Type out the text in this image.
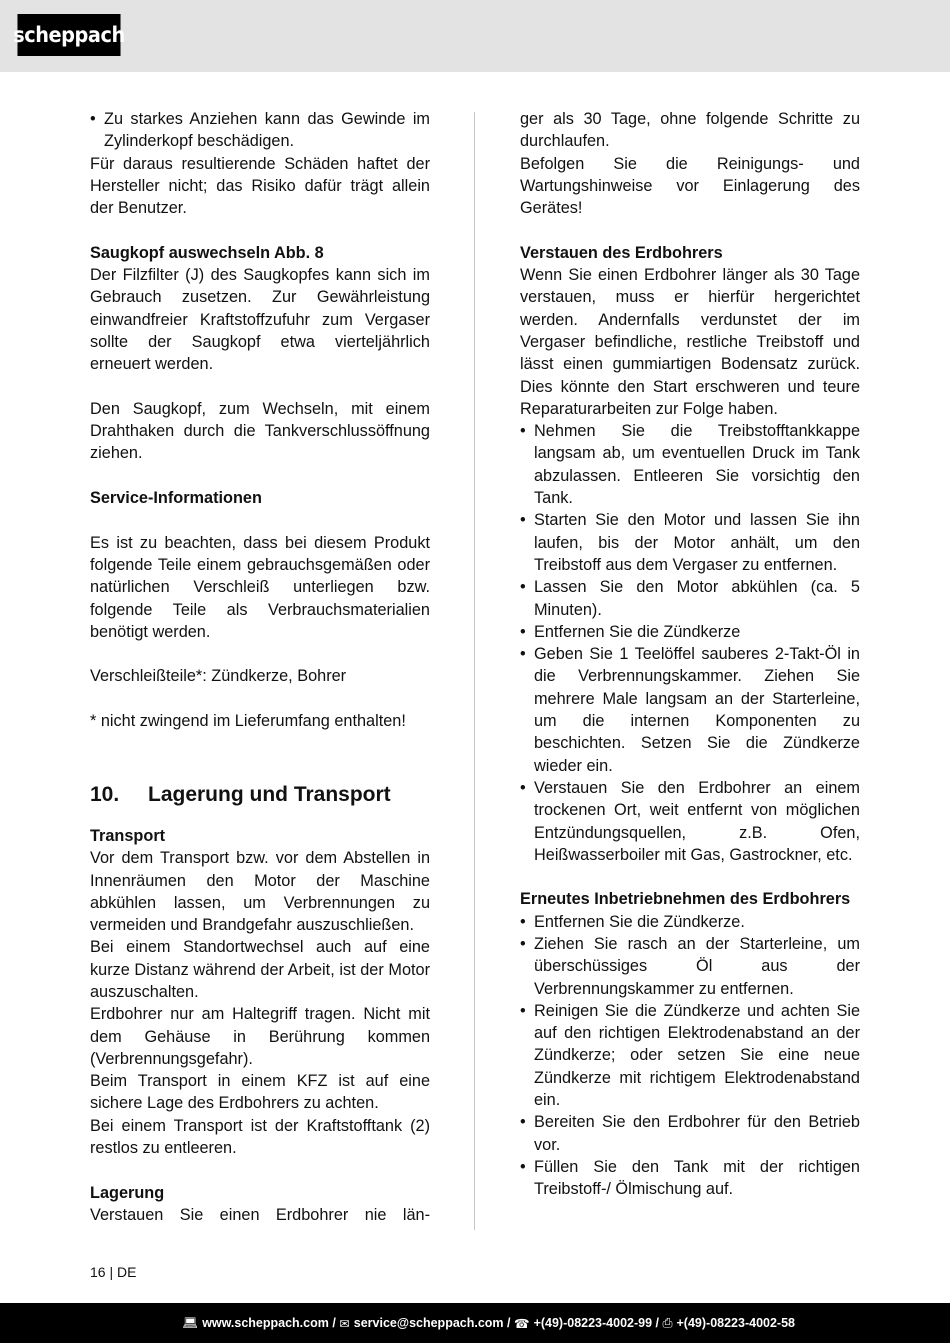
scheppach
• Zu starkes Anziehen kann das Gewinde im Zylinderkopf beschädigen.

Für daraus resultierende Schäden haftet der Hersteller nicht; das Risiko dafür trägt allein der Benutzer.

Saugkopf auswechseln Abb. 8

Der Filzfilter (J) des Saugkopfes kann sich im Gebrauch zusetzen. Zur Gewährleistung einwandfreier Kraftstoffzufuhr zum Vergaser sollte der Saugkopf etwa vierteljährlich erneuert werden.

Den Saugkopf, zum Wechseln, mit einem Drahthaken durch die Tankverschlussöffnung ziehen.

Service-Informationen

Es ist zu beachten, dass bei diesem Produkt folgende Teile einem gebrauchsgemäßen oder natürlichen Verschleiß unterliegen bzw. folgende Teile als Verbrauchsmaterialien benötigt werden.

Verschleißteile*: Zündkerze, Bohrer

* nicht zwingend im Lieferumfang enthalten!

10.	Lagerung und Transport

Transport

Vor dem Transport bzw. vor dem Abstellen in Innenräumen den Motor der Maschine abkühlen lassen, um Verbrennungen zu vermeiden und Brandgefahr auszuschließen.

Bei einem Standortwechsel auch auf eine kurze Distanz während der Arbeit, ist der Motor auszuschalten.

Erdbohrer nur am Haltegriff tragen. Nicht mit dem Gehäuse in Berührung kommen (Verbrennungsgefahr).

Beim Transport in einem KFZ ist auf eine sichere Lage des Erdbohrers zu achten.

Bei einem Transport ist der Kraftstofftank (2) restlos zu entleeren.

Lagerung

Verstauen Sie einen Erdbohrer nie län-

ger als 30 Tage, ohne folgende Schritte zu durchlaufen.

Befolgen Sie die Reinigungs- und Wartungshinweise vor Einlagerung des Gerätes!

Verstauen des Erdbohrers

Wenn Sie einen Erdbohrer länger als 30 Tage verstauen, muss er hierfür hergerichtet werden. Andernfalls verdunstet der im Vergaser befindliche, restliche Treibstoff und lässt einen gummiartigen Bodensatz zurück. Dies könnte den Start erschweren und teure Reparaturarbeiten zur Folge haben.

• Nehmen Sie die Treibstofftankkappe langsam ab, um eventuellen Druck im Tank abzulassen. Entleeren Sie vorsichtig den Tank.
• Starten Sie den Motor und lassen Sie ihn laufen, bis der Motor anhält, um den Treibstoff aus dem Vergaser zu entfernen.
• Lassen Sie den Motor abkühlen (ca. 5 Minuten).
• Entfernen Sie die Zündkerze
• Geben Sie 1 Teelöffel sauberes 2-Takt-Öl in die Verbrennungskammer. Ziehen Sie mehrere Male langsam an der Starterleine, um die internen Komponenten zu beschichten. Setzen Sie die Zündkerze wieder ein.
• Verstauen Sie den Erdbohrer an einem trockenen Ort, weit entfernt von möglichen Entzündungsquellen, z.B. Ofen, Heißwasserboiler mit Gas, Gastrockner, etc.

Erneutes Inbetriebnehmen des Erdbohrers

• Entfernen Sie die Zündkerze.
• Ziehen Sie rasch an der Starterleine, um überschüssiges Öl aus der Verbrennungskammer zu entfernen.
• Reinigen Sie die Zündkerze und achten Sie auf den richtigen Elektrodenabstand an der Zündkerze; oder setzen Sie eine neue Zündkerze mit richtigem Elektrodenabstand ein.
• Bereiten Sie den Erdbohrer für den Betrieb vor.
• Füllen Sie den Tank mit der richtigen Treibstoff-/ Ölmischung auf.
16 | DE
💻︎ www.scheppach.com /
✉︎ service@scheppach.com /
☎︎ +(49)-08223-4002-99 /
⎙ +(49)-08223-4002-58
